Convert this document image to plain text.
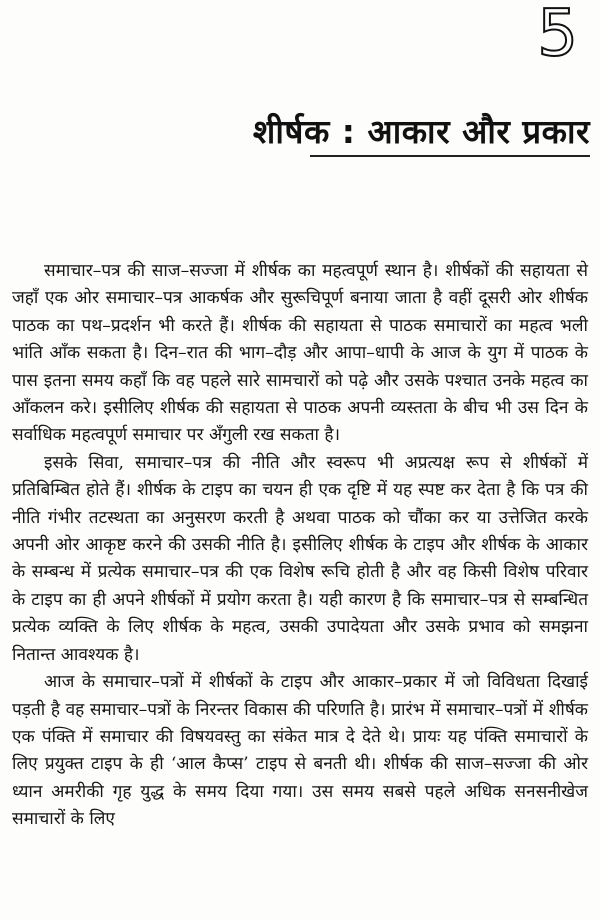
5
शीर्षक : आकार और प्रकार

समाचार–पत्र की साज–सज्जा में शीर्षक का महत्वपूर्ण स्थान है। शीर्षकों की सहायता से जहाँ एक ओर समाचार–पत्र आकर्षक और सुरूचिपूर्ण बनाया जाता है वहीं दूसरी ओर शीर्षक पाठक का पथ–प्रदर्शन भी करते हैं। शीर्षक की सहायता से पाठक समाचारों का महत्व भली भांति आँक सकता है। दिन–रात की भाग–दौड़ और आपा–धापी के आज के युग में पाठक के पास इतना समय कहाँ कि वह पहले सारे सामचारों को पढ़े और उसके पश्चात उनके महत्व का आँकलन करे। इसीलिए शीर्षक की सहायता से पाठक अपनी व्यस्तता के बीच भी उस दिन के सर्वाधिक महत्वपूर्ण समाचार पर अँगुली रख सकता है।

इसके सिवा, समाचार–पत्र की नीति और स्वरूप भी अप्रत्यक्ष रूप से शीर्षकों में प्रतिबिम्बित होते हैं। शीर्षक के टाइप का चयन ही एक दृष्टि में यह स्पष्ट कर देता है कि पत्र की नीति गंभीर तटस्थता का अनुसरण करती है अथवा पाठक को चौंका कर या उत्तेजित करके अपनी ओर आकृष्ट करने की उसकी नीति है। इसीलिए शीर्षक के टाइप और शीर्षक के आकार के सम्बन्ध में प्रत्येक समाचार–पत्र की एक विशेष रूचि होती है और वह किसी विशेष परिवार के टाइप का ही अपने शीर्षकों में प्रयोग करता है। यही कारण है कि समाचार–पत्र से सम्बन्धित प्रत्येक व्यक्ति के लिए शीर्षक के महत्व, उसकी उपादेयता और उसके प्रभाव को समझना नितान्त आवश्यक है।

आज के समाचार–पत्रों में शीर्षकों के टाइप और आकार–प्रकार में जो विविधता दिखाई पड़ती है वह समाचार–पत्रों के निरन्तर विकास की परिणति है। प्रारंभ में समाचार–पत्रों में शीर्षक एक पंक्ति में समाचार की विषयवस्तु का संकेत मात्र दे देते थे। प्रायः यह पंक्ति समाचारों के लिए प्रयुक्त टाइप के ही ‘आल कैप्स’ टाइप से बनती थी। शीर्षक की साज–सज्जा की ओर ध्यान अमरीकी गृह युद्ध के समय दिया गया। उस समय सबसे पहले अधिक सनसनीखेज समाचारों के लिए
